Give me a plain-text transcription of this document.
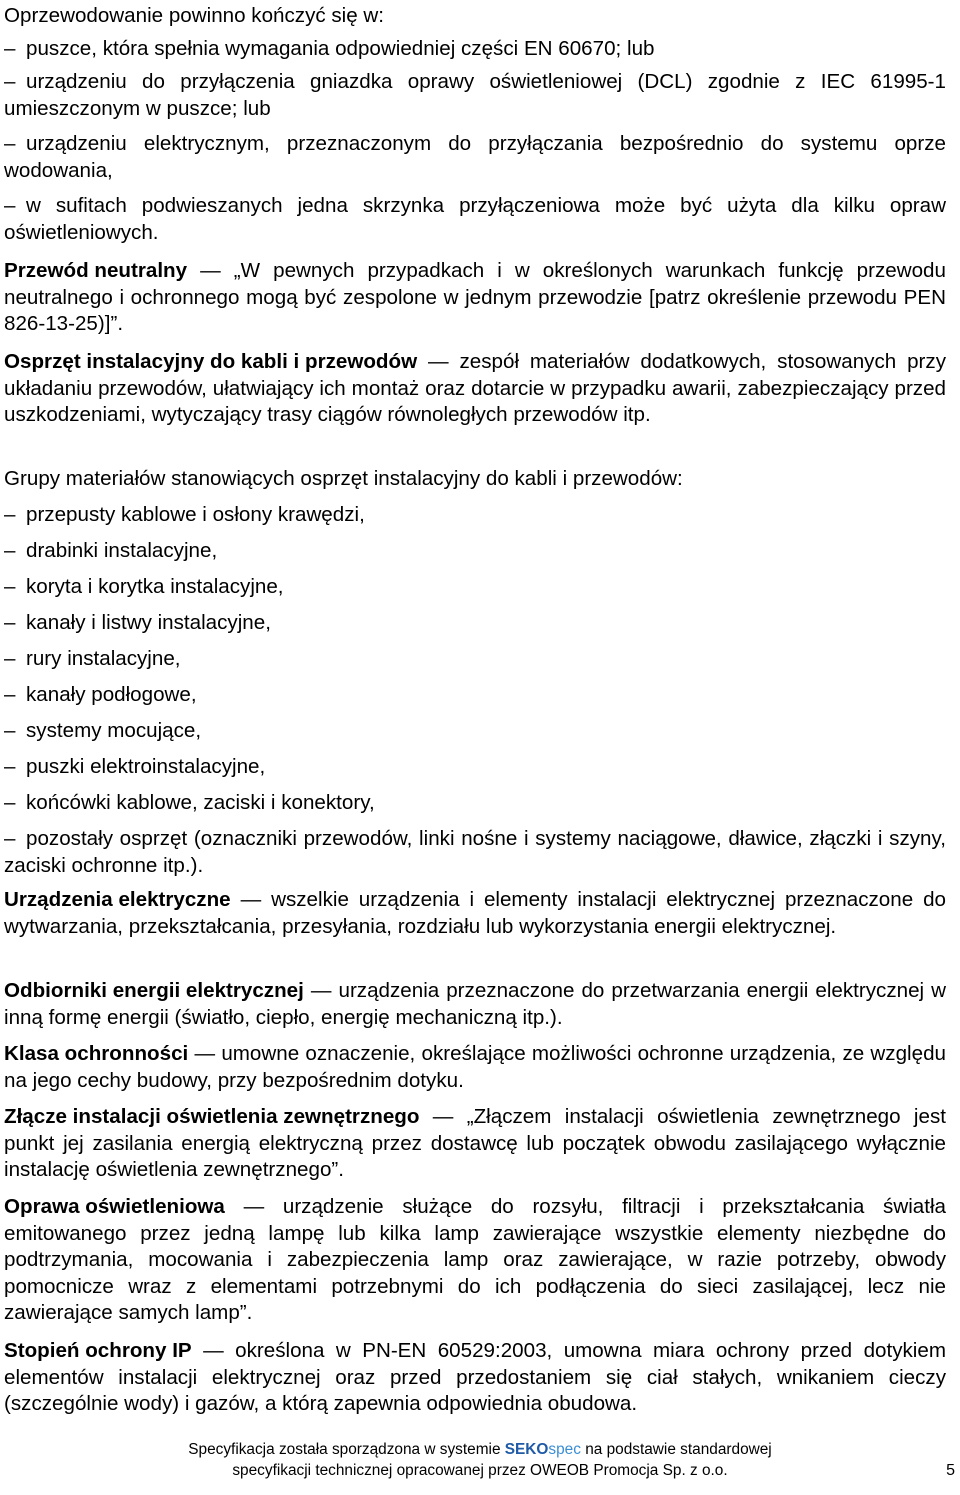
Oprzewodowanie powinno kończyć się w:

– puszce, która spełnia wymagania odpowiedniej części EN 60670; lub

– urządzeniu do przyłączenia gniazdka oprawy oświetleniowej (DCL) zgodnie z IEC 61995-1 umieszczonym w puszce; lub

– urządzeniu elektrycznym, przeznaczonym do przyłączania bezpośrednio do systemu oprze wodowania,

– w sufitach podwieszanych jedna skrzynka przyłączeniowa może być użyta dla kilku opraw oświetleniowych.

Przewód neutralny — „W pewnych przypadkach i w określonych warunkach funkcję przewodu neutralnego i ochronnego mogą być zespolone w jednym przewodzie [patrz określenie przewodu PEN 826-13-25)]”.

Osprzęt instalacyjny do kabli i przewodów — zespół materiałów dodatkowych, stosowanych przy układaniu przewodów, ułatwiający ich montaż oraz dotarcie w przypadku awarii, zabezpieczający przed uszkodzeniami, wytyczający trasy ciągów równoległych przewodów itp.

Grupy materiałów stanowiących osprzęt instalacyjny do kabli i przewodów:

– przepusty kablowe i osłony krawędzi,
– drabinki instalacyjne,
– koryta i korytka instalacyjne,
– kanały i listwy instalacyjne,
– rury instalacyjne,
– kanały podłogowe,
– systemy mocujące,
– puszki elektroinstalacyjne,
– końcówki kablowe, zaciski i konektory,

– pozostały osprzęt (oznaczniki przewodów, linki nośne i systemy naciągowe, dławice, złączki i szyny, zaciski ochronne itp.).

Urządzenia elektryczne — wszelkie urządzenia i elementy instalacji elektrycznej przeznaczone do wytwarzania, przekształcania, przesyłania, rozdziału lub wykorzystania energii elektrycznej.

Odbiorniki energii elektrycznej — urządzenia przeznaczone do przetwarzania energii elektrycznej w inną formę energii (światło, ciepło, energię mechaniczną itp.).

Klasa ochronności — umowne oznaczenie, określające możliwości ochronne urządzenia, ze względu na jego cechy budowy, przy bezpośrednim dotyku.

Złącze instalacji oświetlenia zewnętrznego — „Złączem instalacji oświetlenia zewnętrznego jest punkt jej zasilania energią elektryczną przez dostawcę lub początek obwodu zasilającego wyłącznie instalację oświetlenia zewnętrznego”.

Oprawa oświetleniowa — urządzenie służące do rozsyłu, filtracji i przekształcania światła emitowanego przez jedną lampę lub kilka lamp zawierające wszystkie elementy niezbędne do podtrzymania, mocowania i zabezpieczenia lamp oraz zawierające, w razie potrzeby, obwody pomocnicze wraz z elementami potrzebnymi do ich podłączenia do sieci zasilającej, lecz nie zawierające samych lamp”.

Stopień ochrony IP — określona w PN-EN 60529:2003, umowna miara ochrony przed dotykiem elementów instalacji elektrycznej oraz przed przedostaniem się ciał stałych, wnikaniem cieczy (szczególnie wody) i gazów, a którą zapewnia odpowiednia obudowa.

Specyfikacja została sporządzona w systemie SEKOspec na podstawie standardowej
specyfikacji technicznej opracowanej przez OWEOB Promocja Sp. z o.o.	5
